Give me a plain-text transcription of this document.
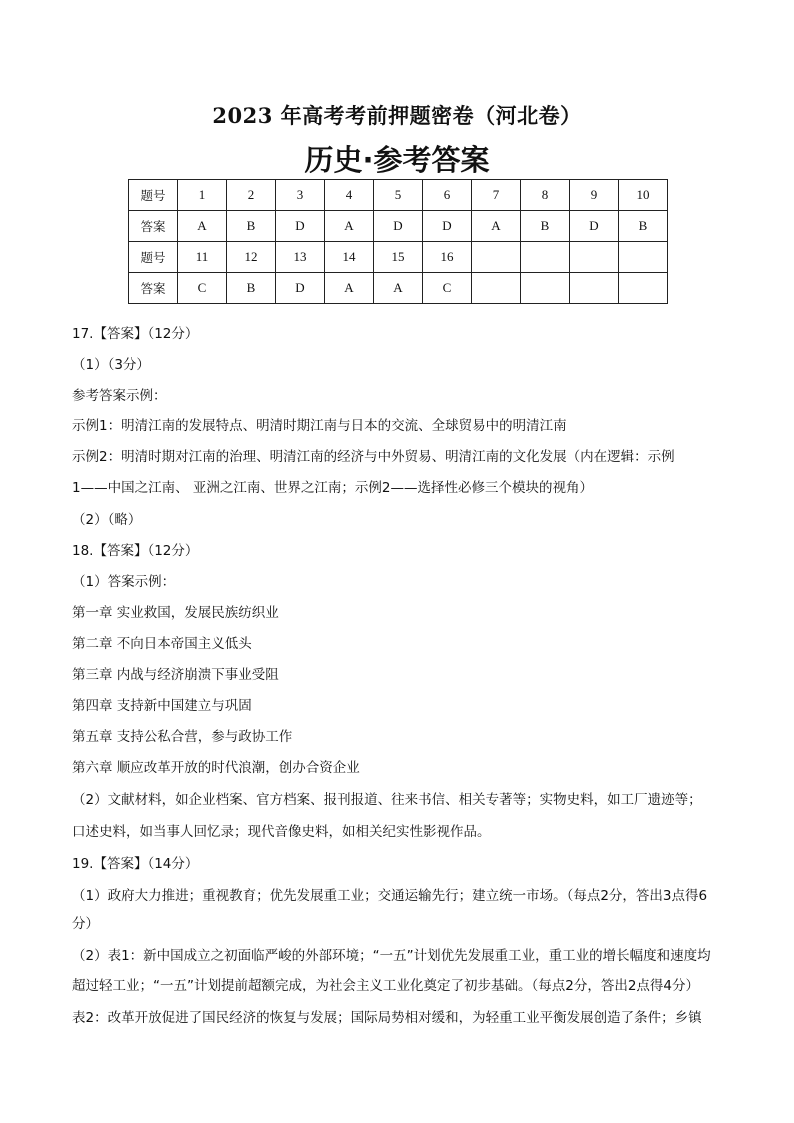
2023 年高考考前押题密卷（河北卷）
历史·参考答案
题号	1	2	3	4	5	6	7	8	9	10
答案	A	B	D	A	D	D	A	B	D	B
题号	11	12	13	14	15	16				
答案	C	B	D	A	A	C				
17.【答案】（12分）
（1）（3分）
参考答案示例：
示例1：明清江南的发展特点、明清时期江南与日本的交流、全球贸易中的明清江南
示例2：明清时期对江南的治理、明清江南的经济与中外贸易、明清江南的文化发展（内在逻辑：示例
1——中国之江南、 亚洲之江南、世界之江南；示例2——选择性必修三个模块的视角）
（2）（略）
18.【答案】（12分）
（1）答案示例：
第一章 实业救国，发展民族纺织业
第二章 不向日本帝国主义低头
第三章 内战与经济崩溃下事业受阻
第四章 支持新中国建立与巩固
第五章 支持公私合营，参与政协工作
第六章 顺应改革开放的时代浪潮，创办合资企业
（2）文献材料，如企业档案、官方档案、报刊报道、往来书信、相关专著等；实物史料，如工厂遗迹等；
口述史料，如当事人回忆录；现代音像史料，如相关纪实性影视作品。
19.【答案】（14分）
（1）政府大力推进；重视教育；优先发展重工业；交通运输先行；建立统一市场。（每点2分，答出3点得6
分）
（2）表1：新中国成立之初面临严峻的外部环境；“一五”计划优先发展重工业，重工业的增长幅度和速度均
超过轻工业；“一五”计划提前超额完成，为社会主义工业化奠定了初步基础。（每点2分，答出2点得4分）
表2：改革开放促进了国民经济的恢复与发展；国际局势相对缓和，为轻重工业平衡发展创造了条件；乡镇
